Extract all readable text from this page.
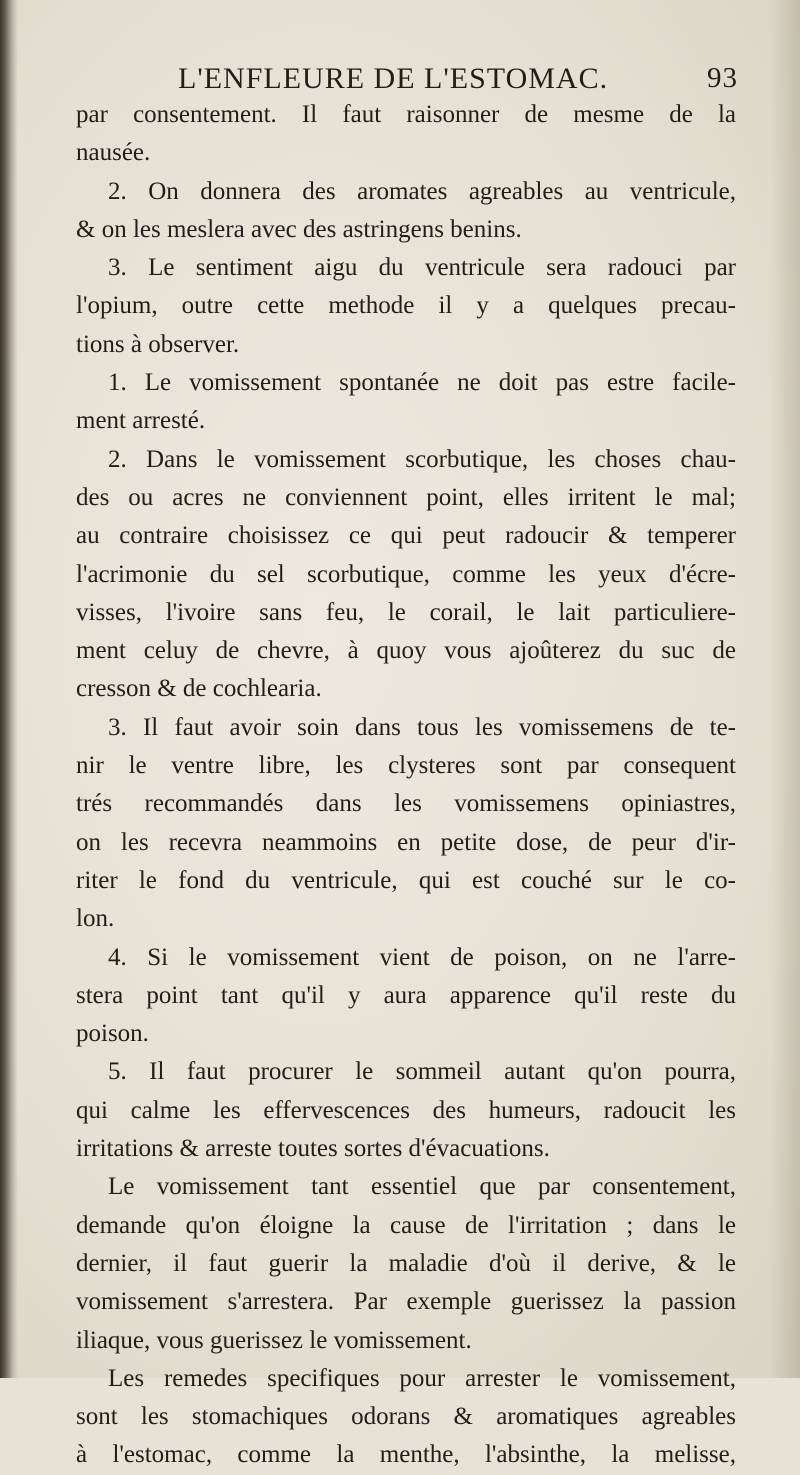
L'ENFLEURE DE L'ESTOMAC.	93
par consentement. Il faut raisonner de mesme de la
nausée.
2. On donnera des aromates agreables au ventricule,
& on les meslera avec des astringens benins.
3. Le sentiment aigu du ventricule sera radouci par
l'opium, outre cette methode il y a quelques precau-
tions à observer.
1. Le vomissement spontanée ne doit pas estre facile-
ment arresté.
2. Dans le vomissement scorbutique, les choses chau-
des ou acres ne conviennent point, elles irritent le mal;
au contraire choisissez ce qui peut radoucir & temperer
l'acrimonie du sel scorbutique, comme les yeux d'écre-
visses, l'ivoire sans feu, le corail, le lait particuliere-
ment celuy de chevre, à quoy vous ajoûterez du suc de
cresson & de cochlearia.
3. Il faut avoir soin dans tous les vomissemens de te-
nir le ventre libre, les clysteres sont par consequent
trés recommandés dans les vomissemens opiniastres,
on les recevra neammoins en petite dose, de peur d'ir-
riter le fond du ventricule, qui est couché sur le co-
lon.
4. Si le vomissement vient de poison, on ne l'arre-
stera point tant qu'il y aura apparence qu'il reste du
poison.
5. Il faut procurer le sommeil autant qu'on pourra,
qui calme les effervescences des humeurs, radoucit les
irritations & arreste toutes sortes d'évacuations.
Le vomissement tant essentiel que par consentement,
demande qu'on éloigne la cause de l'irritation ; dans le
dernier, il faut guerir la maladie d'où il derive, & le
vomissement s'arrestera. Par exemple guerissez la passion
iliaque, vous guerissez le vomissement.
Les remedes specifiques pour arrester le vomissement,
sont les stomachiques odorans & aromatiques agreables
à l'estomac, comme la menthe, l'absinthe, la melisse,
